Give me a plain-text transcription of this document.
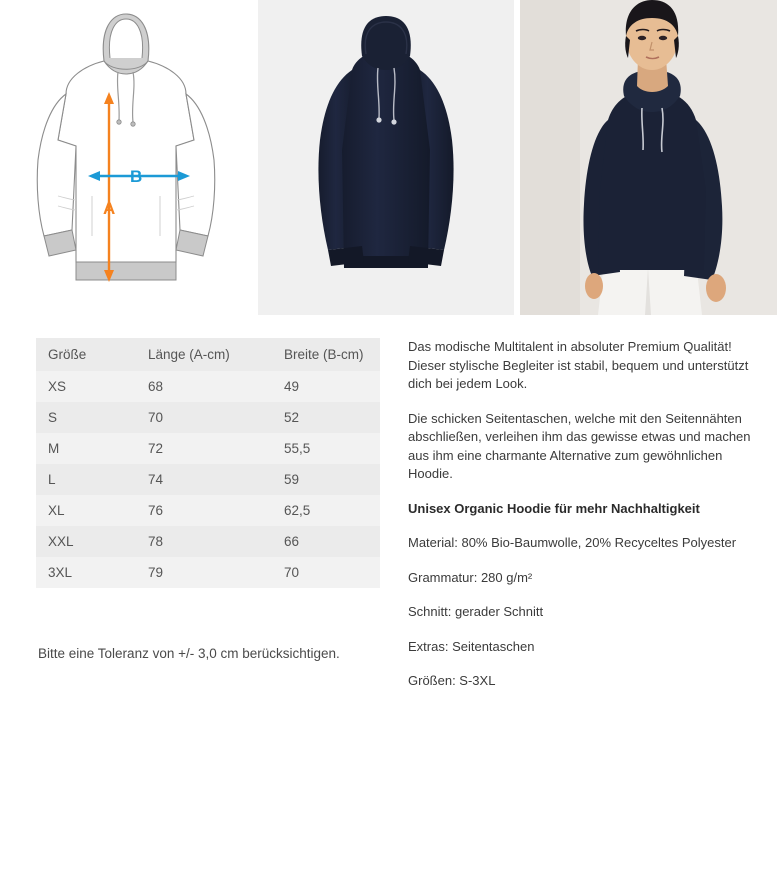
A
B
Größe	Länge (A-cm)	Breite (B-cm)
XS	68	49
S	70	52
M	72	55,5
L	74	59
XL	76	62,5
XXL	78	66
3XL	79	70
Bitte eine Toleranz von +/- 3,0 cm berücksichtigen.

Das modische Multitalent in absoluter Premium Qualität! Dieser stylische Begleiter ist stabil, bequem und unterstützt dich bei jedem Look.

Die schicken Seitentaschen, welche mit den Seitennähten abschließen, verleihen ihm das gewisse etwas und machen aus ihm eine charmante Alternative zum gewöhnlichen Hoodie.

Unisex Organic Hoodie für mehr Nachhaltigkeit

Material: 80% Bio-Baumwolle, 20% Recyceltes Polyester

Grammatur: 280 g/m²

Schnitt: gerader Schnitt

Extras: Seitentaschen

Größen: S-3XL
